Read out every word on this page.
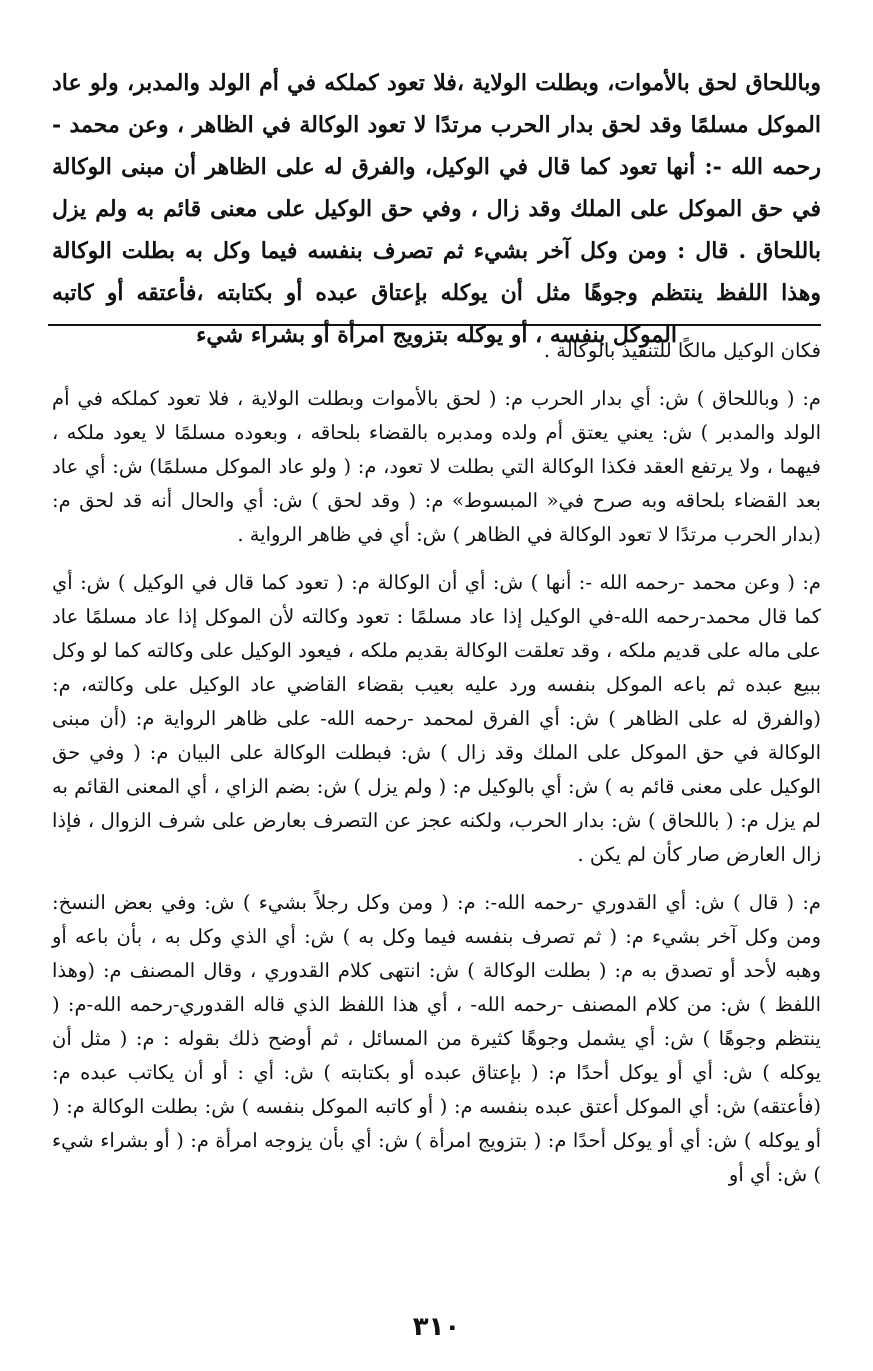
وباللحاق لحق بالأموات، وبطلت الولاية ،فلا تعود كملكه في أم الولد والمدبر، ولو عاد الموكل مسلمًا وقد لحق بدار الحرب مرتدًا لا تعود الوكالة في الظاهر ، وعن محمد - رحمه الله -: أنها تعود كما قال في الوكيل، والفرق له على الظاهر أن مبنى الوكالة في حق الموكل على الملك وقد زال ، وفي حق الوكيل على معنى قائم به ولم يزل باللحاق . قال : ومن وكل آخر بشيء ثم تصرف بنفسه فيما وكل به بطلت الوكالة وهذا اللفظ ينتظم وجوهًا مثل أن يوكله بإعتاق عبده أو بكتابته ،فأعتقه أو كاتبه الموكل بنفسه ، أو يوكله بتزويج امرأة أو بشراء شيء

فكان الوكيل مالكًا للتنفيذ بالوكالة .

م: ( وباللحاق ) ش: أي بدار الحرب م: ( لحق بالأموات وبطلت الولاية ، فلا تعود كملكه في أم الولد والمدبر ) ش: يعني يعتق أم ولده ومدبره بالقضاء بلحاقه ، وبعوده مسلمًا لا يعود ملكه ، فيهما ، ولا يرتفع العقد فكذا الوكالة التي بطلت لا تعود، م: ( ولو عاد الموكل مسلمًا) ش: أي عاد بعد القضاء بلحاقه وبه صرح في« المبسوط» م: ( وقد لحق ) ش: أي والحال أنه قد لحق م: (بدار الحرب مرتدًا لا تعود الوكالة في الظاهر ) ش: أي في ظاهر الرواية .

م: ( وعن محمد -رحمه الله -: أنها ) ش: أي أن الوكالة م: ( تعود كما قال في الوكيل ) ش: أي كما قال محمد-رحمه الله-في الوكيل إذا عاد مسلمًا : تعود وكالته لأن الموكل إذا عاد مسلمًا عاد على ماله على قديم ملكه ، وقد تعلقت الوكالة بقديم ملكه ، فيعود الوكيل على وكالته كما لو وكل ببيع عبده ثم باعه الموكل بنفسه ورد عليه بعيب بقضاء القاضي عاد الوكيل على وكالته، م: (والفرق له على الظاهر ) ش: أي الفرق لمحمد -رحمه الله- على ظاهر الرواية م: (أن مبنى الوكالة في حق الموكل على الملك وقد زال ) ش: فبطلت الوكالة على البيان م: ( وفي حق الوكيل على معنى قائم به ) ش: أي بالوكيل م: ( ولم يزل ) ش: بضم الزاي ، أي المعنى القائم به لم يزل م: ( باللحاق ) ش: بدار الحرب، ولكنه عجز عن التصرف بعارض على شرف الزوال ، فإذا زال العارض صار كأن لم يكن .

م: ( قال ) ش: أي القدوري -رحمه الله-: م: ( ومن وكل رجلاً بشيء ) ش: وفي بعض النسخ: ومن وكل آخر بشيء م: ( ثم تصرف بنفسه فيما وكل به ) ش: أي الذي وكل به ، بأن باعه أو وهبه لأحد أو تصدق به م: ( بطلت الوكالة ) ش: انتهى كلام القدوري ، وقال المصنف م: (وهذا اللفظ ) ش: من كلام المصنف -رحمه الله- ، أي هذا اللفظ الذي قاله القدوري-رحمه الله-م: ( ينتظم وجوهًا ) ش: أي يشمل وجوهًا كثيرة من المسائل ، ثم أوضح ذلك بقوله : م: ( مثل أن يوكله ) ش: أي أو يوكل أحدًا م: ( بإعتاق عبده أو بكتابته ) ش: أي : أو أن يكاتب عبده م: (فأعتقه) ش: أي الموكل أعتق عبده بنفسه م: ( أو كاتبه الموكل بنفسه ) ش: بطلت الوكالة م: ( أو يوكله ) ش: أي أو يوكل أحدًا م: ( بتزويج امرأة ) ش: أي بأن يزوجه امرأة م: ( أو بشراء شيء ) ش: أي أو

٣١٠
